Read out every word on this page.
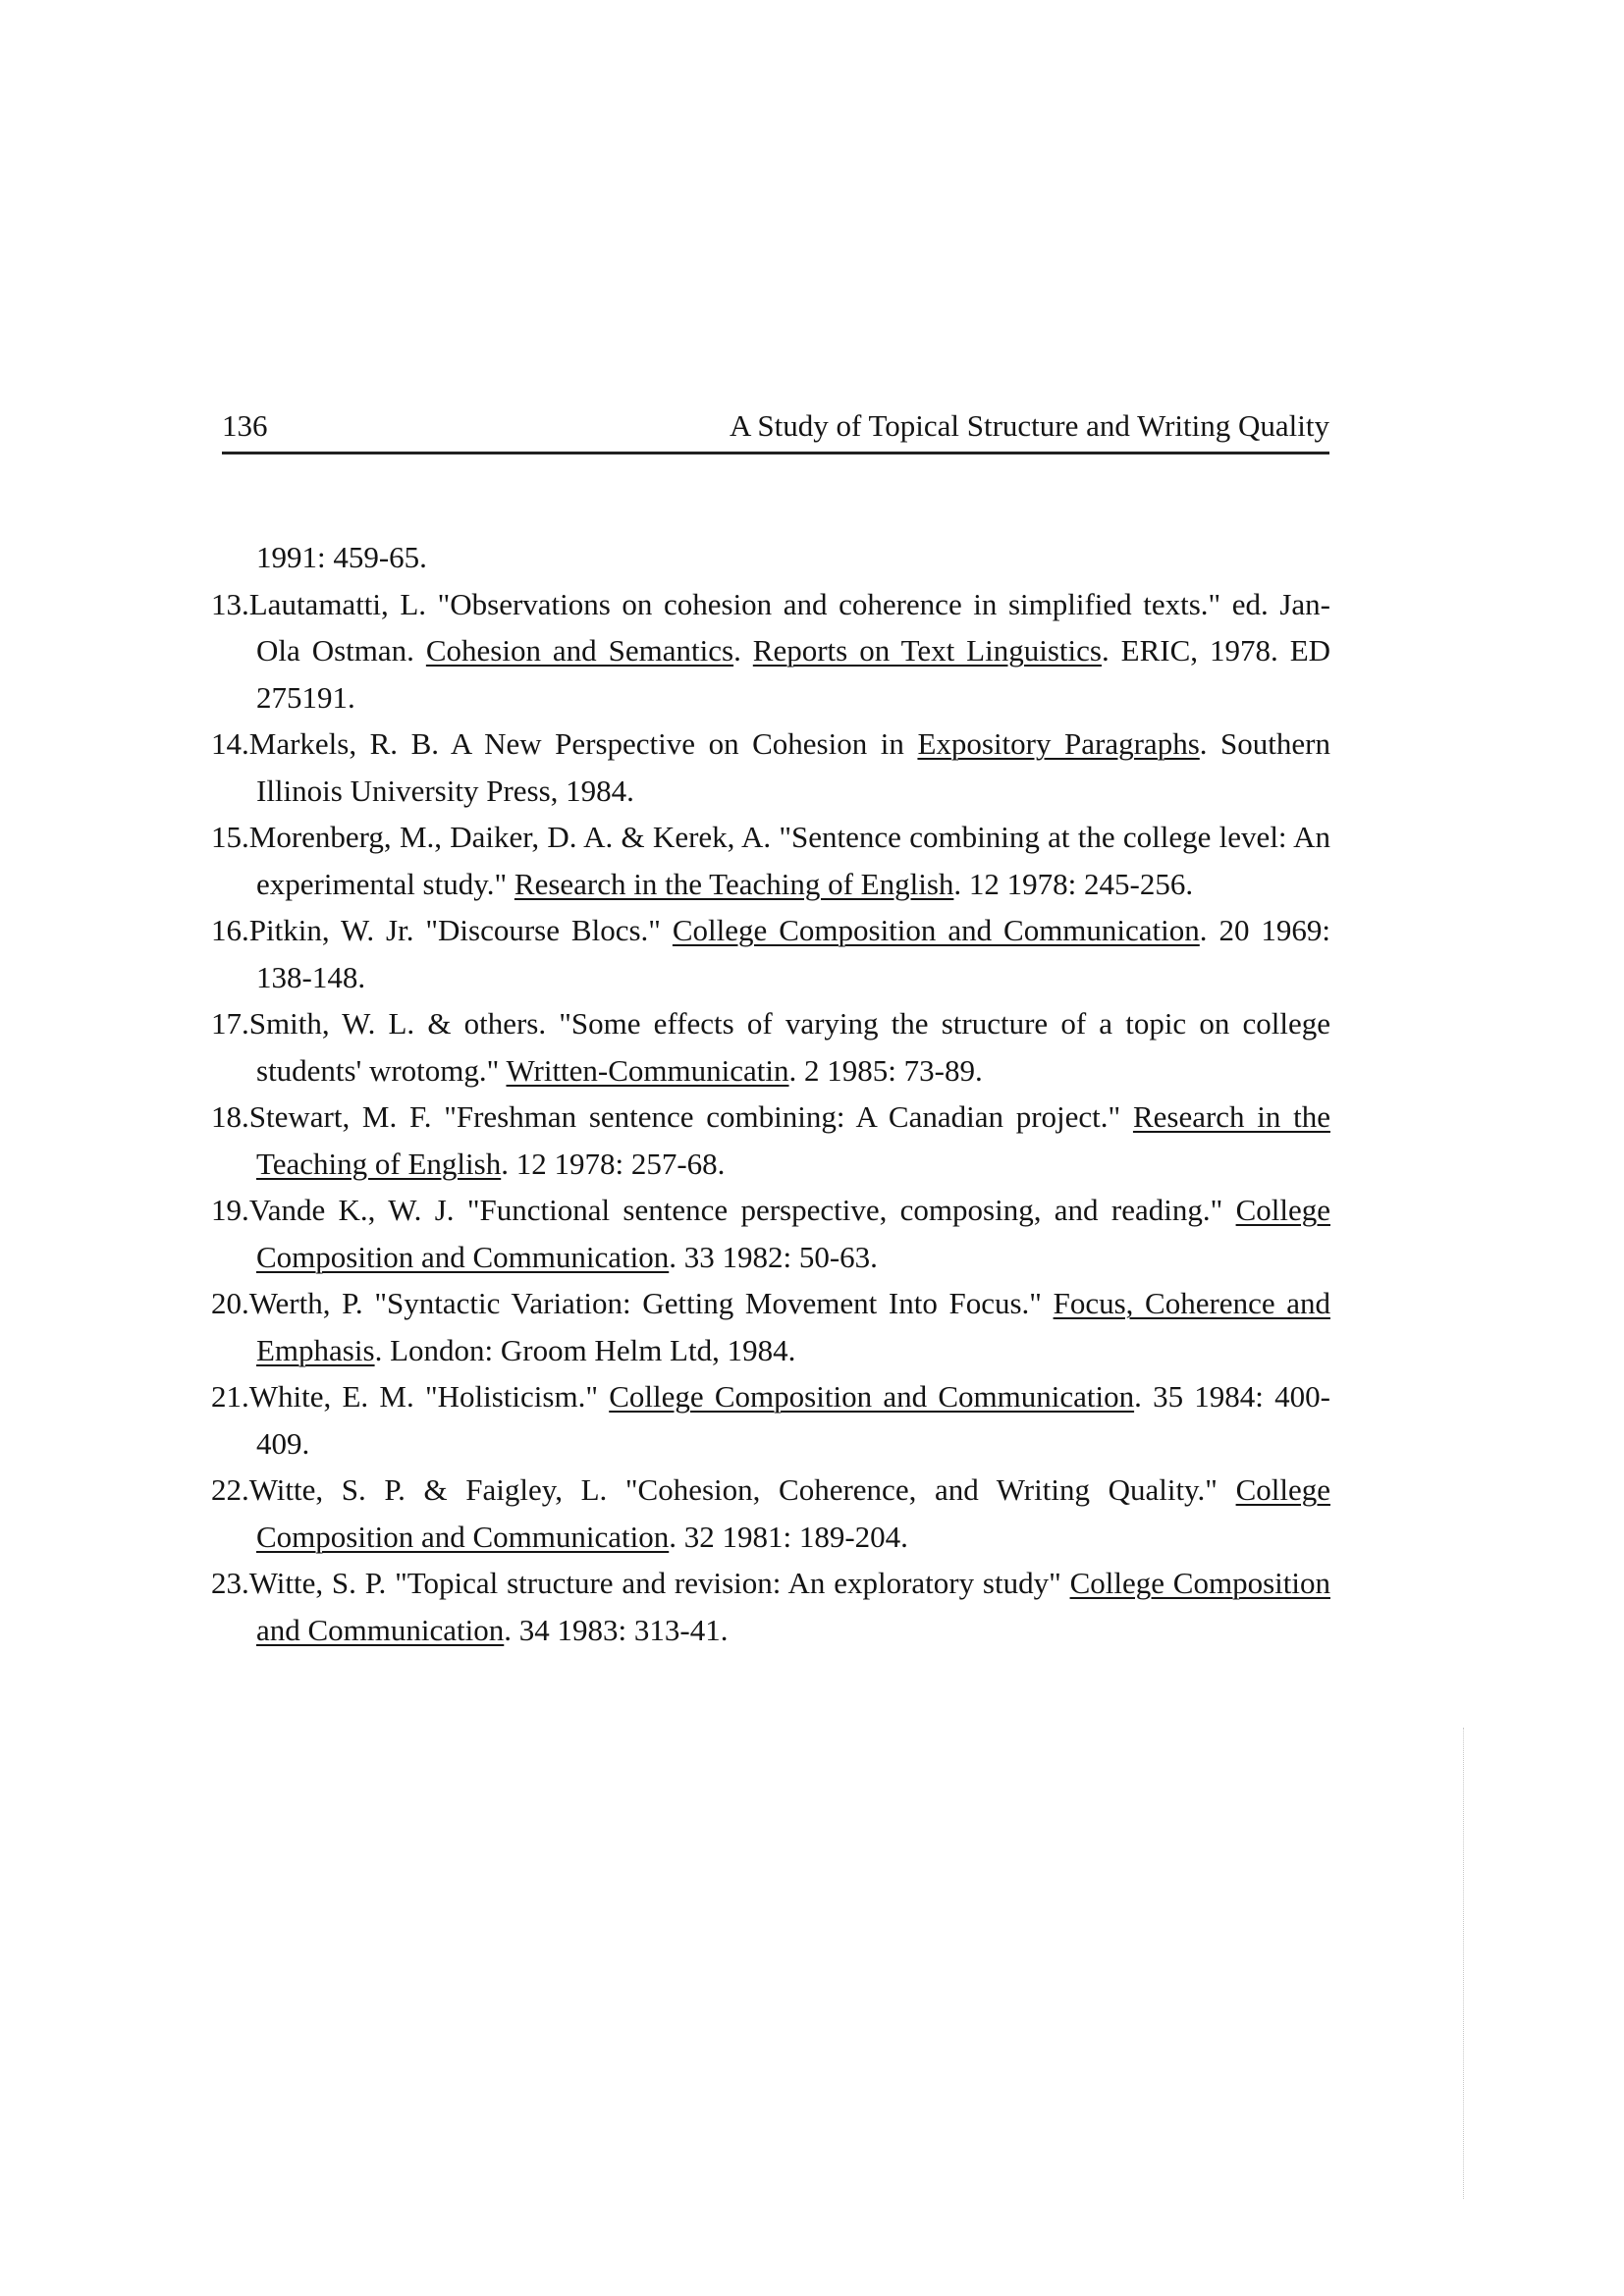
136	A Study of Topical Structure and Writing Quality
1991: 459-65.
13.Lautamatti, L. "Observations on cohesion and coherence in simplified texts." ed. Jan-Ola Ostman. Cohesion and Semantics. Reports on Text Linguistics. ERIC, 1978. ED 275191.
14.Markels, R. B. A New Perspective on Cohesion in Expository Paragraphs. Southern Illinois University Press, 1984.
15.Morenberg, M., Daiker, D. A. & Kerek, A. "Sentence combining at the college level: An experimental study." Research in the Teaching of English. 12 1978: 245-256.
16.Pitkin, W. Jr. "Discourse Blocs." College Composition and Communication. 20 1969: 138-148.
17.Smith, W. L. & others. "Some effects of varying the structure of a topic on college students' wrotomg." Written-Communicatin. 2 1985: 73-89.
18.Stewart, M. F. "Freshman sentence combining: A Canadian project." Research in the Teaching of English. 12 1978: 257-68.
19.Vande K., W. J. "Functional sentence perspective, composing, and reading." College Composition and Communication. 33 1982: 50-63.
20.Werth, P. "Syntactic Variation: Getting Movement Into Focus." Focus, Coherence and Emphasis. London: Groom Helm Ltd, 1984.
21.White, E. M. "Holisticism." College Composition and Communication. 35 1984: 400-409.
22.Witte, S. P. & Faigley, L. "Cohesion, Coherence, and Writing Quality." College Composition and Communication. 32 1981: 189-204.
23.Witte, S. P. "Topical structure and revision: An exploratory study" College Composition and Communication. 34 1983: 313-41.
